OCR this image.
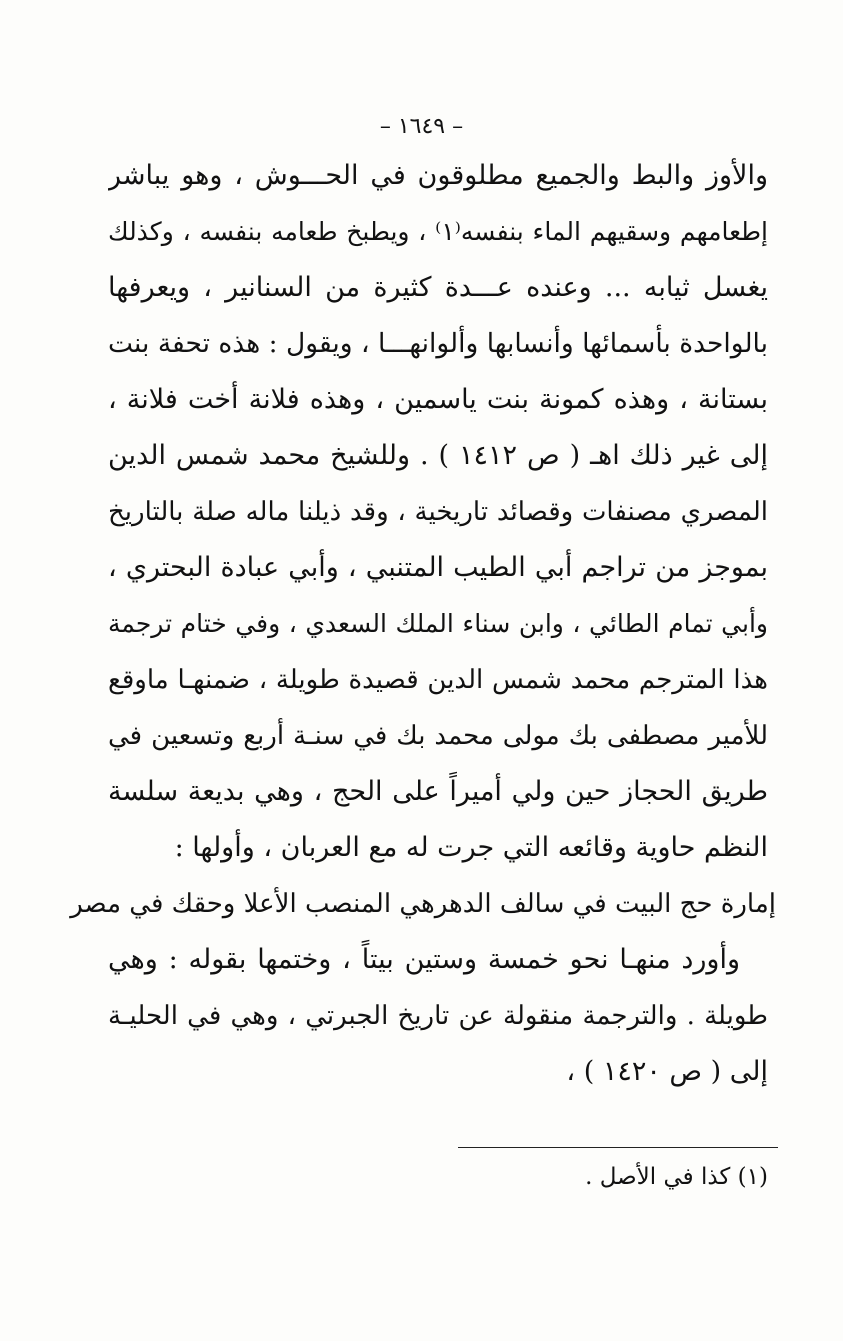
– ١٦٤٩ –
والأوز والبط والجميع مطلوقون في الحـــوش ، وهو يباشر
إطعامهم وسقيهم الماء بنفسه⁽١⁾ ، ويطبخ طعامه بنفسه ، وكذلك
يغسل ثيابه ... وعنده عـــدة كثيرة من السنانير ، ويعرفها
بالواحدة بأسمائها وأنسابها وألوانهـــا ، ويقول : هذه تحفة بنت
بستانة ، وهذه كمونة بنت ياسمين ، وهذه فلانة أخت فلانة ،
إلى غير ذلك اهـ ( ص ١٤١٢ ) . وللشيخ محمد شمس الدين
المصري مصنفات وقصائد تاريخية ، وقد ذيلنا ماله صلة بالتاريخ
بموجز من تراجم أبي الطيب المتنبي ، وأبي عبادة البحتري ،
وأبي تمام الطائي ، وابن سناء الملك السعدي ، وفي ختام ترجمة
هذا المترجم محمد شمس الدين قصيدة طويلة ، ضمنهـا ماوقع
للأمير مصطفى بك مولى محمد بك في سنـة أربع وتسعين في
طريق الحجاز حين ولي أميراً على الحج ، وهي بديعة سلسة
النظم حاوية وقائعه التي جرت له مع العربان ، وأولها :
إمارة حج البيت في سالف الدهر
هي المنصب الأعلا وحقك في مصر
وأورد منهـا نحو خمسة وستين بيتاً ، وختمها بقوله : وهي
طويلة . والترجمة منقولة عن تاريخ الجبرتي ، وهي في الحليـة
إلى ( ص ١٤٢٠ ) ،
(١) كذا في الأصل .
